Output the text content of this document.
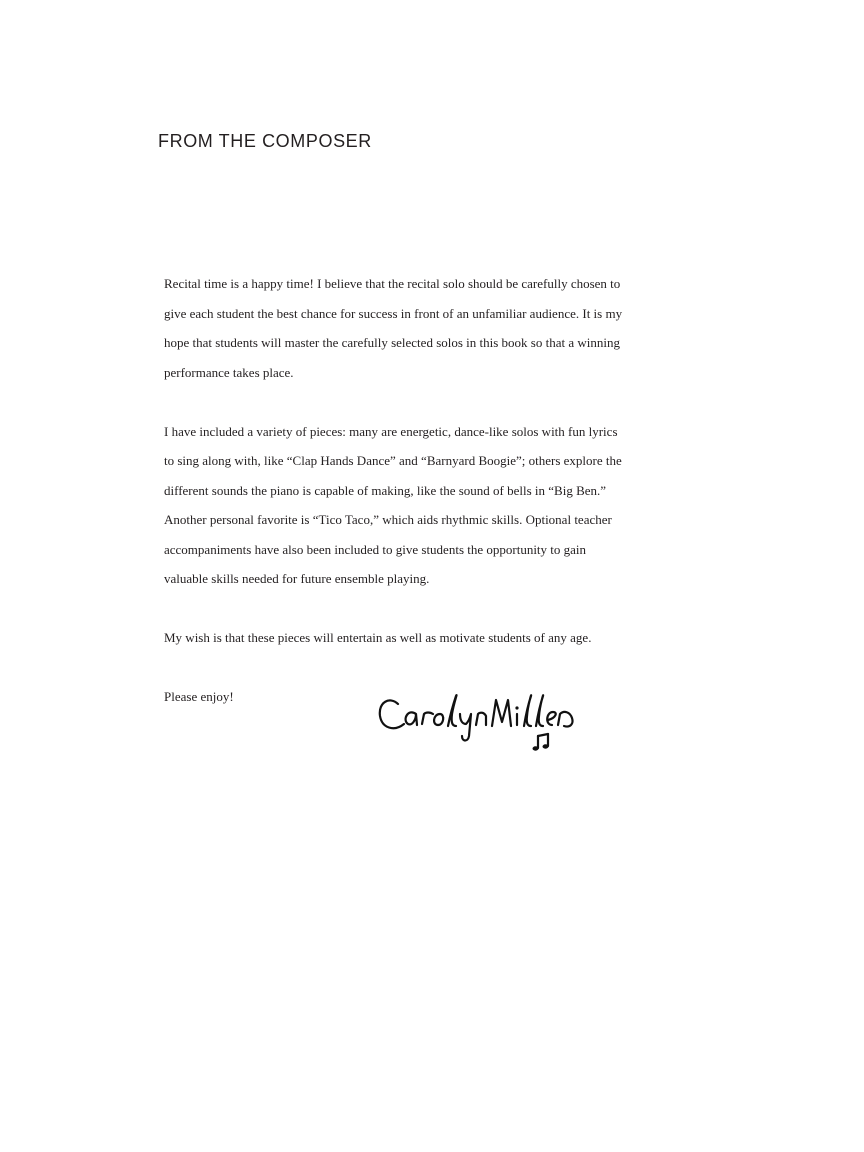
FROM THE COMPOSER

Recital time is a happy time! I believe that the recital solo should be carefully chosen to
give each student the best chance for success in front of an unfamiliar audience. It is my
hope that students will master the carefully selected solos in this book so that a winning
performance takes place.

I have included a variety of pieces: many are energetic, dance-like solos with fun lyrics
to sing along with, like “Clap Hands Dance” and “Barnyard Boogie”; others explore the
different sounds the piano is capable of making, like the sound of bells in “Big Ben.”
Another personal favorite is “Tico Taco,” which aids rhythmic skills. Optional teacher
accompaniments have also been included to give students the opportunity to gain
valuable skills needed for future ensemble playing.

My wish is that these pieces will entertain as well as motivate students of any age.

Please enjoy!
